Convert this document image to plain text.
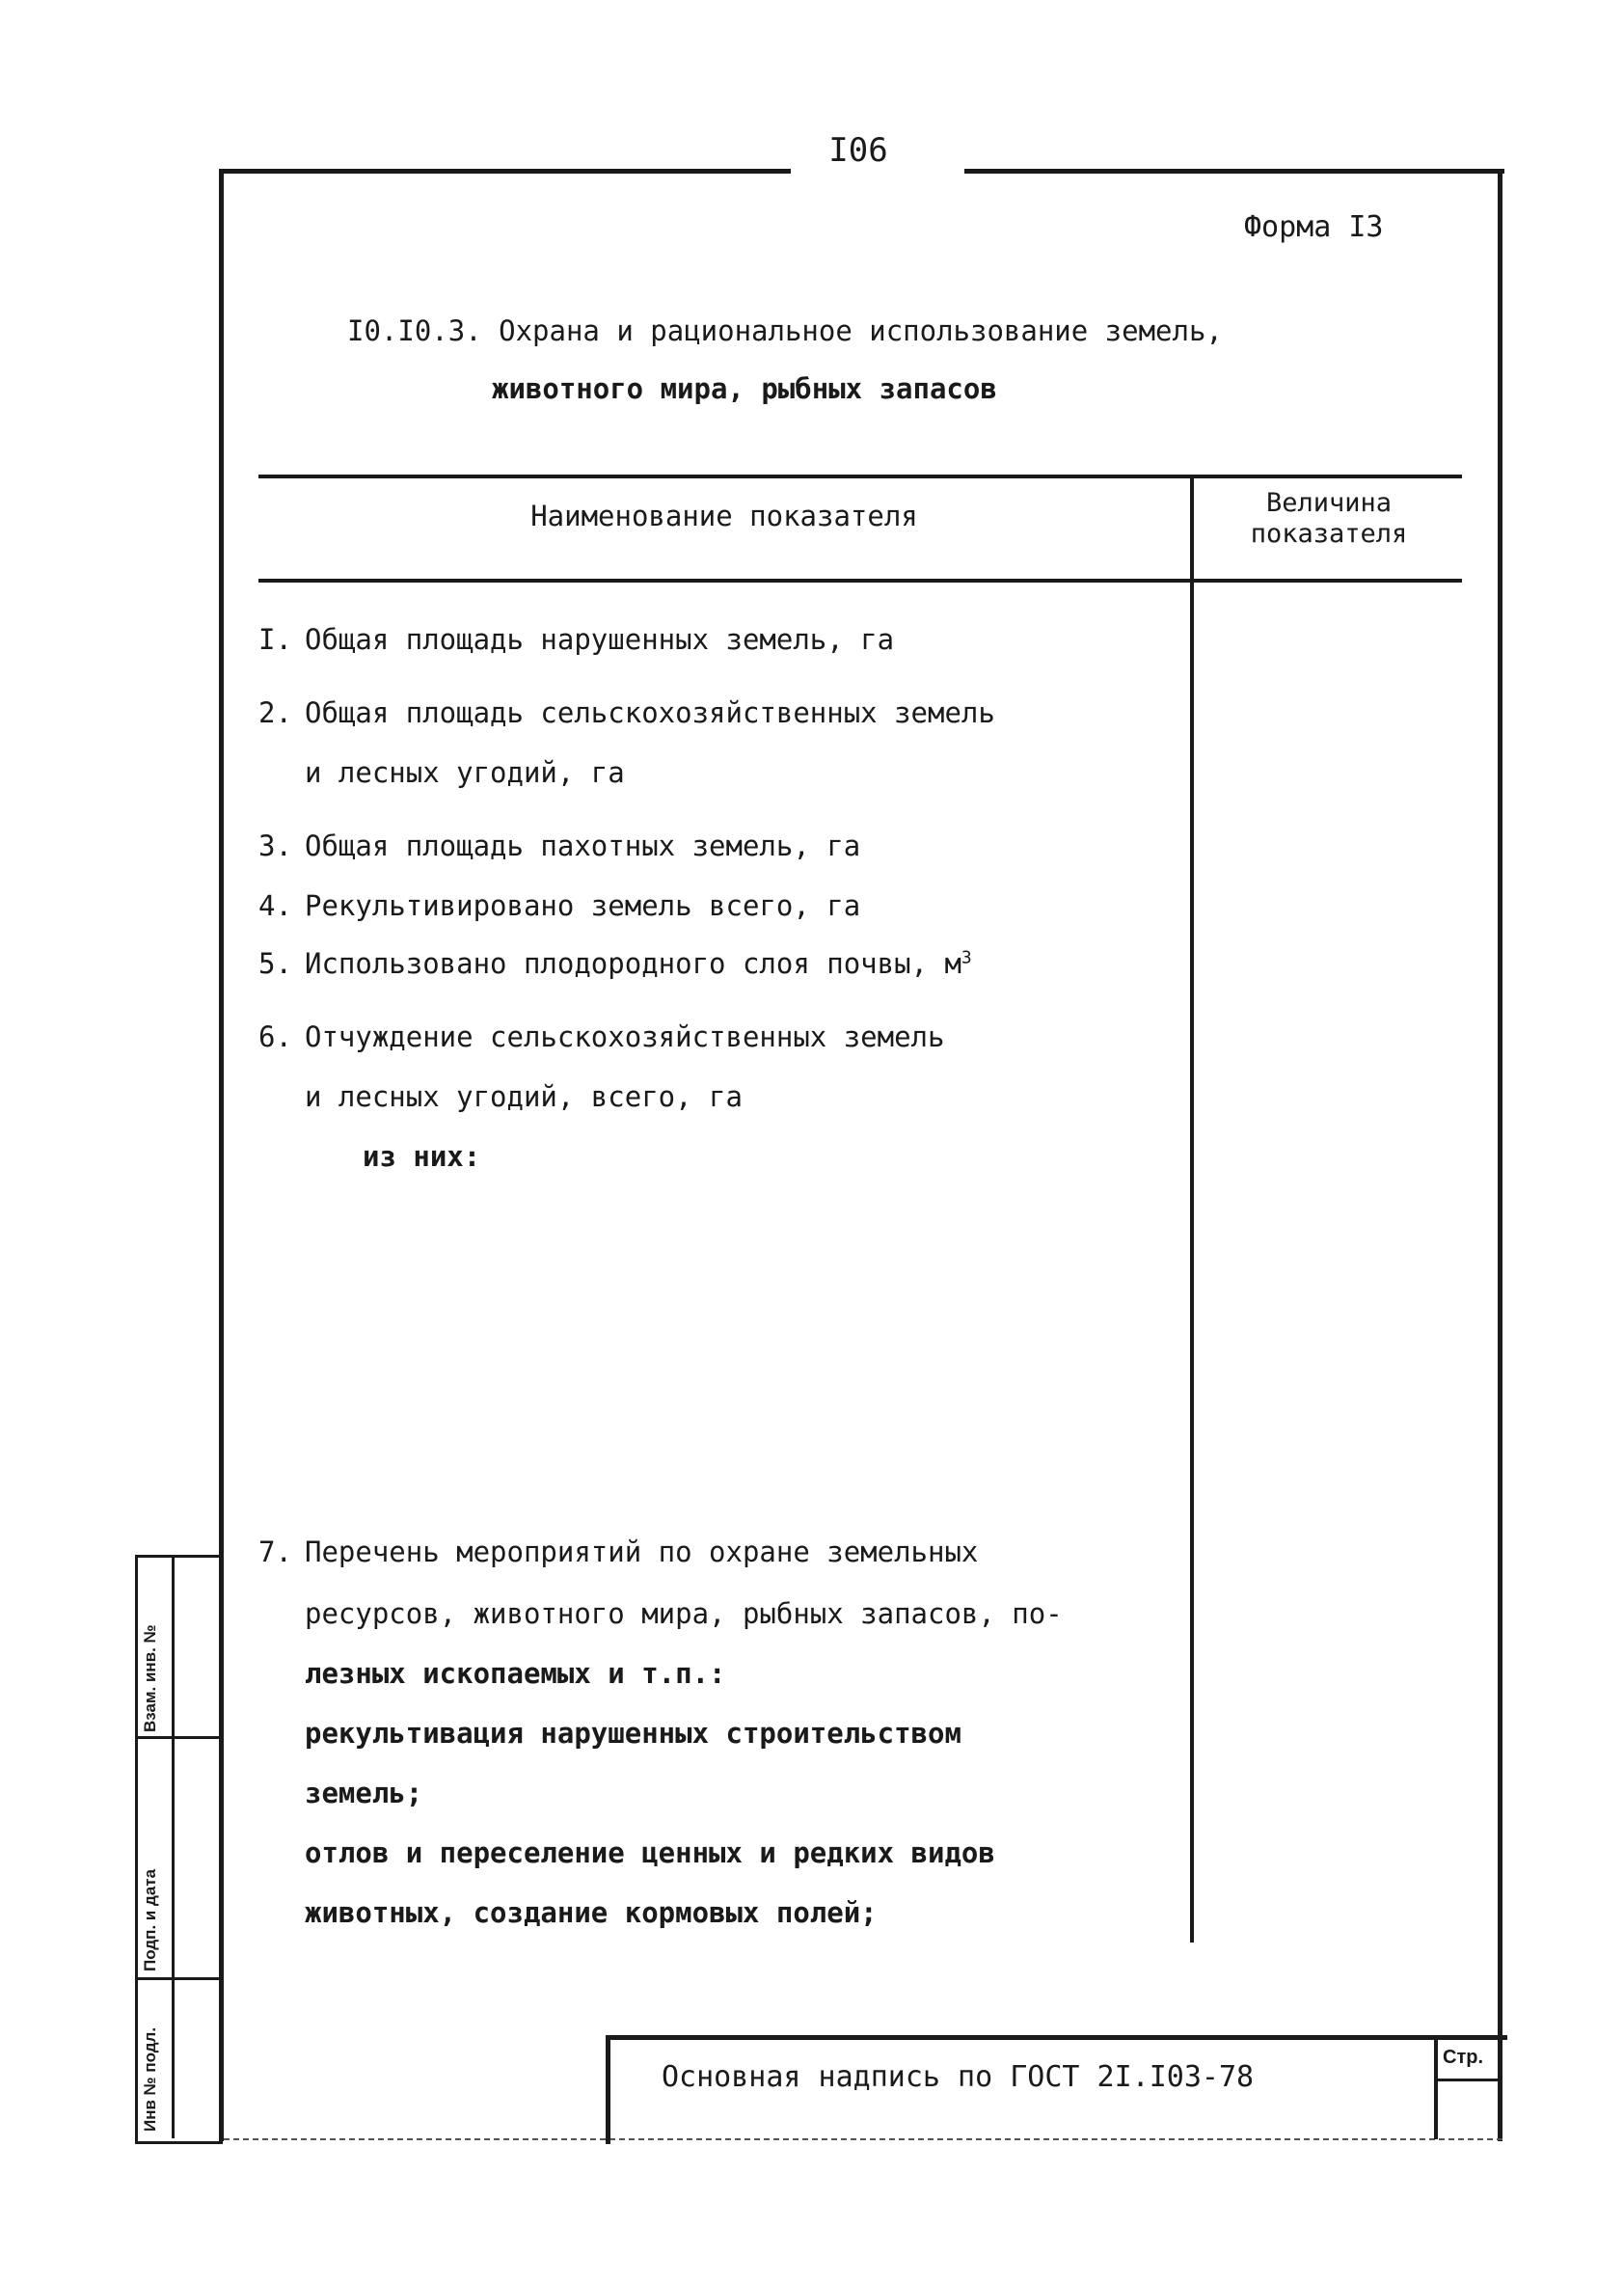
I06
Форма I3
I0.I0.3. Охрана и рациональное использование земель,
животного мира, рыбных запасов
Наименование показателя	Величина
показателя
I. Общая площадь нарушенных земель, га
2. Общая площадь сельскохозяйственных земель
и лесных угодий, га
3. Общая площадь пахотных земель, га
4. Рекультивировано земель всего, га
5. Использовано плодородного слоя почвы, $м^3$
6. Отчуждение сельскохозяйственных земель
и лесных угодий, всего, га
из них:
7. Перечень мероприятий по охране земельных
ресурсов, животного мира, рыбных запасов, по-
лезных ископаемых и т.п.:
рекультивация нарушенных строительством
земель;
отлов и переселение ценных и редких видов
животных, создание кормовых полей;
Взам. инв. №
Подп. и дата
Инв № подл.	Основная надпись по ГОСТ 2I.I03-78
Стр.
